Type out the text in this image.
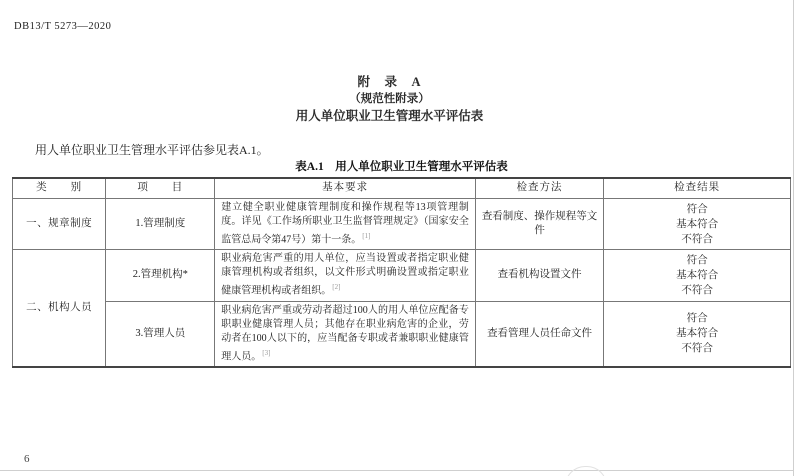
DB13/T 5273—2020
附　录　A
（规范性附录）
用人单位职业卫生管理水平评估表

用人单位职业卫生管理水平评估参见表A.1。

表A.1　用人单位职业卫生管理水平评估表
类　　别	项　　目	基本要求	检查方法	检查结果
一、规章制度	1.管理制度	建立健全职业健康管理制度和操作规程等13项管理制度。详见《工作场所职业卫生监督管理规定》（国家安全监管总局令第47号）第十一条。[1]	查看制度、操作规程等文件	符合
基本符合
不符合

二、机构人员	2.管理机构*	职业病危害严重的用人单位，应当设置或者指定职业健康管理机构或者组织，以文件形式明确设置或指定职业健康管理机构或者组织。[2]	查看机构设置文件	符合
基本符合
不符合

	3.管理人员	职业病危害严重或劳动者超过100人的用人单位应配备专职职业健康管理人员；其他存在职业病危害的企业，劳动者在100人以下的，应当配备专职或者兼职职业健康管理人员。[3]	查看管理人员任命文件	符合
基本符合
不符合
6
